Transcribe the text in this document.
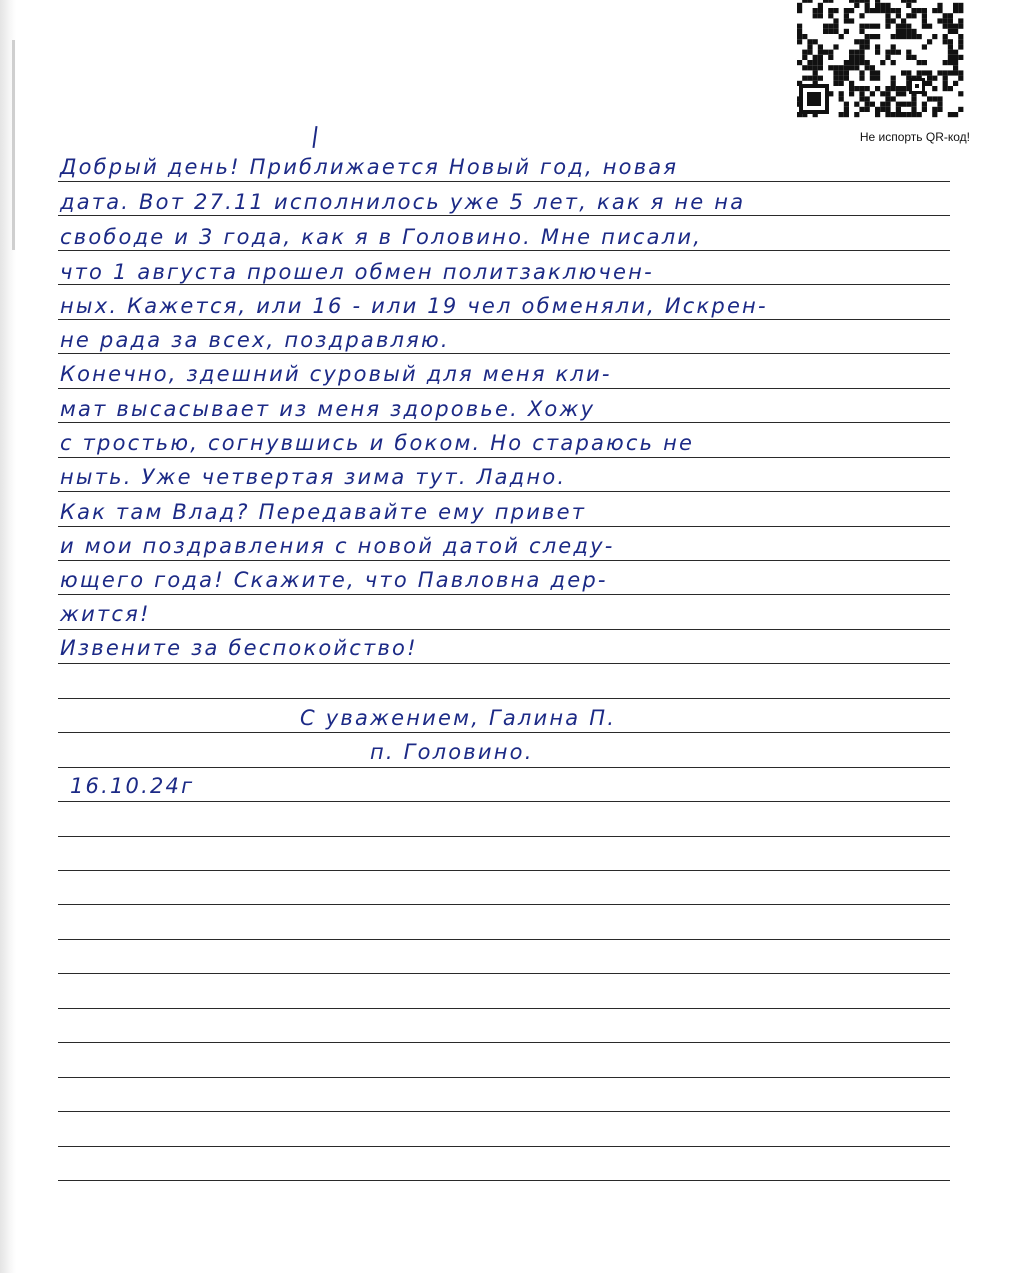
Не испорть QR-код!
Добрый день! Приближается Новый год, новая
дата. Вот 27.11 исполнилось уже 5 лет, как я не на
свободе и 3 года, как я в Головино. Мне писали,
что 1 августа прошел обмен политзаключен-
ных. Кажется, или 16 - или 19 чел обменяли, Искрен-
не рада за всех, поздравляю.
Конечно, здешний суровый для меня кли-
мат высасывает из меня здоровье. Хожу
с тростью, согнувшись и боком. Но стараюсь не
ныть. Уже четвертая зима тут. Ладно.
Как там Влад? Передавайте ему привет
и мои поздравления с новой датой следу-
ющего года! Скажите, что Павловна дер-
жится!
Извените за беспокойство!
С уважением, Галина П.
п. Головино.
16.10.24г
